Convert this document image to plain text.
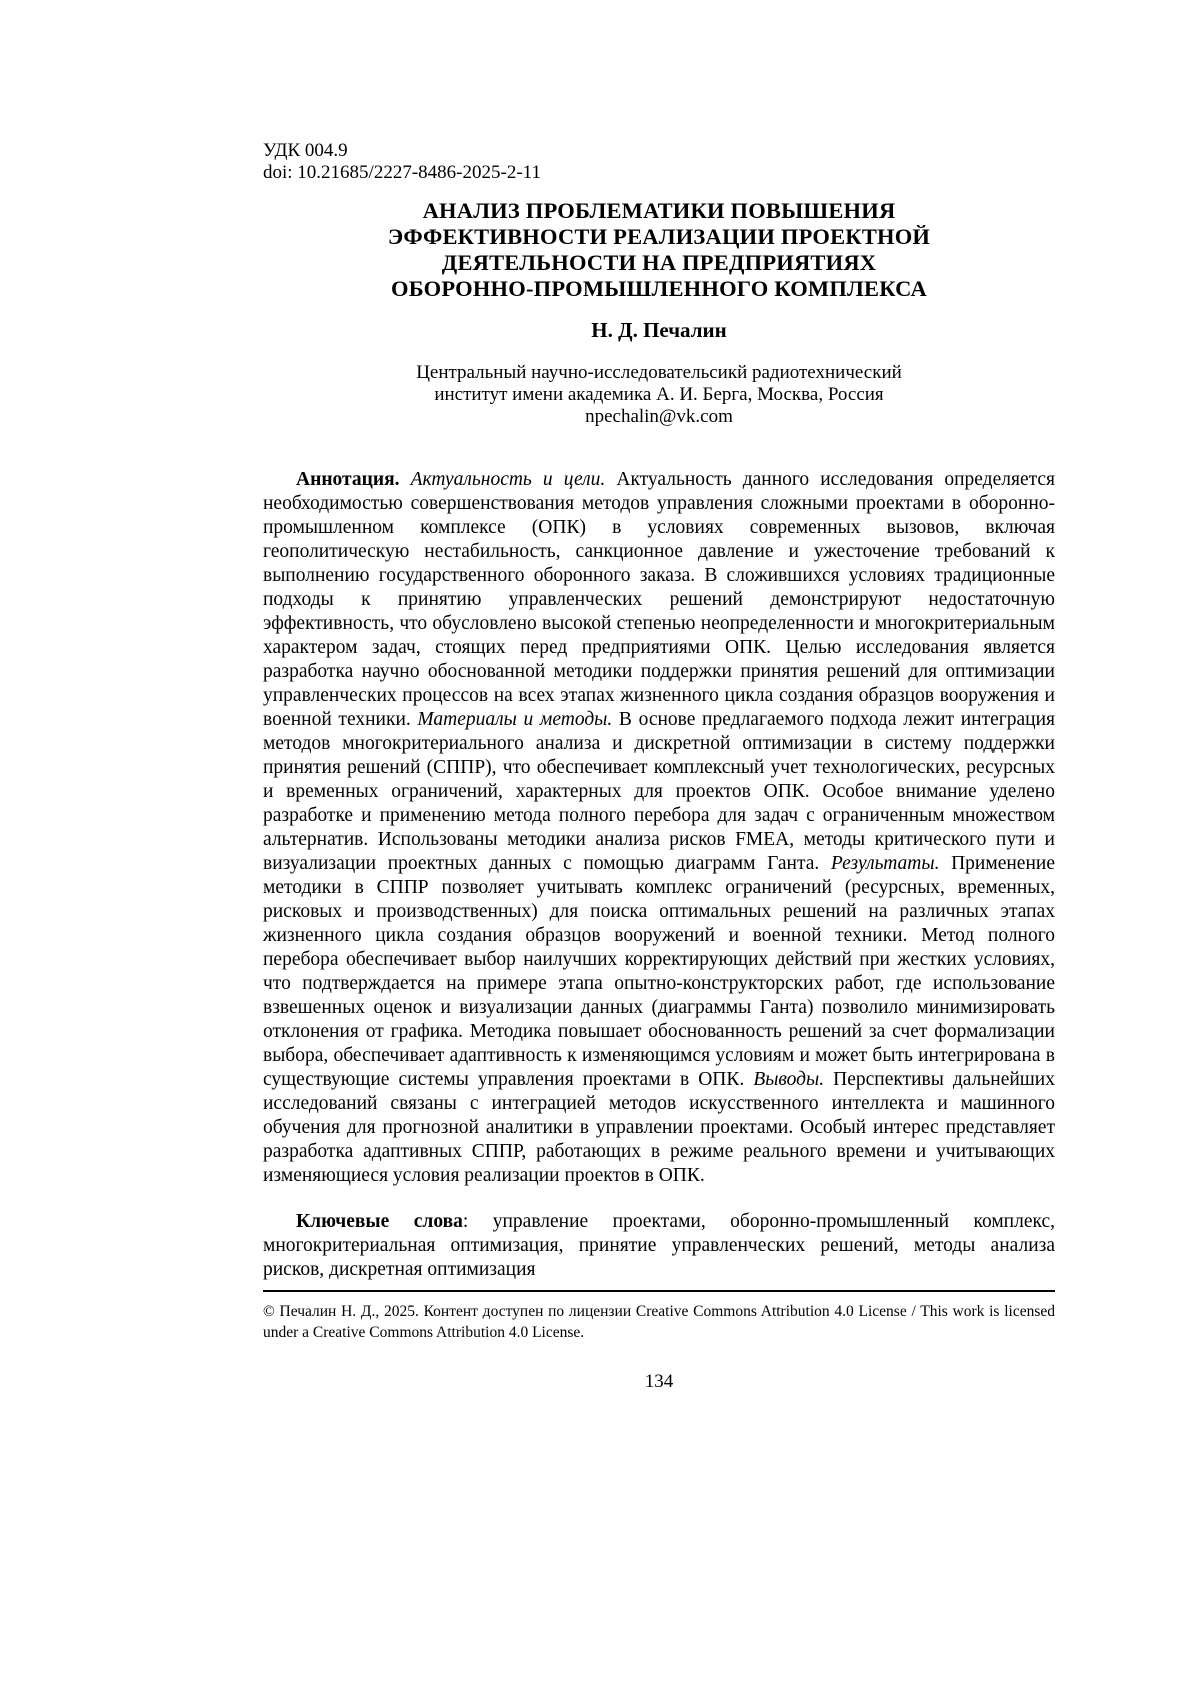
УДК 004.9
doi: 10.21685/2227-8486-2025-2-11
АНАЛИЗ ПРОБЛЕМАТИКИ ПОВЫШЕНИЯ
ЭФФЕКТИВНОСТИ РЕАЛИЗАЦИИ ПРОЕКТНОЙ
ДЕЯТЕЛЬНОСТИ НА ПРЕДПРИЯТИЯХ
ОБОРОННО-ПРОМЫШЛЕННОГО КОМПЛЕКСА
Н. Д. Печалин
Центральный научно-исследовательсикй радиотехнический
институт имени академика А. И. Берга, Москва, Россия
npechalin@vk.com

Аннотация. Актуальность и цели. Актуальность данного исследования определяется необходимостью совершенствования методов управления сложными проектами в оборонно-промышленном комплексе (ОПК) в условиях современных вызовов, включая геополитическую нестабильность, санкционное давление и ужесточение требований к выполнению государственного оборонного заказа. В сложившихся условиях традиционные подходы к принятию управленческих решений демонстрируют недостаточную эффективность, что обусловлено высокой степенью неопределенности и многокритериальным характером задач, стоящих перед предприятиями ОПК. Целью исследования является разработка научно обоснованной методики поддержки принятия решений для оптимизации управленческих процессов на всех этапах жизненного цикла создания образцов вооружения и военной техники. Материалы и методы. В основе предлагаемого подхода лежит интеграция методов многокритериального анализа и дискретной оптимизации в систему поддержки принятия решений (СППР), что обеспечивает комплексный учет технологических, ресурсных и временных ограничений, характерных для проектов ОПК. Особое внимание уделено разработке и применению метода полного перебора для задач с ограниченным множеством альтернатив. Использованы методики анализа рисков FMEA, методы критического пути и визуализации проектных данных с помощью диаграмм Ганта. Результаты. Применение методики в СППР позволяет учитывать комплекс ограничений (ресурсных, временных, рисковых и производственных) для поиска оптимальных решений на различных этапах жизненного цикла создания образцов вооружений и военной техники. Метод полного перебора обеспечивает выбор наилучших корректирующих действий при жестких условиях, что подтверждается на примере этапа опытно-конструкторских работ, где использование взвешенных оценок и визуализации данных (диаграммы Ганта) позволило минимизировать отклонения от графика. Методика повышает обоснованность решений за счет формализации выбора, обеспечивает адаптивность к изменяющимся условиям и может быть интегрирована в существующие системы управления проектами в ОПК. Выводы. Перспективы дальнейших исследований связаны с интеграцией методов искусственного интеллекта и машинного обучения для прогнозной аналитики в управлении проектами. Особый интерес представляет разработка адаптивных СППР, работающих в режиме реального времени и учитывающих изменяющиеся условия реализации проектов в ОПК.

Ключевые слова: управление проектами, оборонно-промышленный комплекс, многокритериальная оптимизация, принятие управленческих решений, методы анализа рисков, дискретная оптимизация

© Печалин Н. Д., 2025. Контент доступен по лицензии Creative Commons Attribution 4.0 License / This work is licensed under a Creative Commons Attribution 4.0 License.

134
